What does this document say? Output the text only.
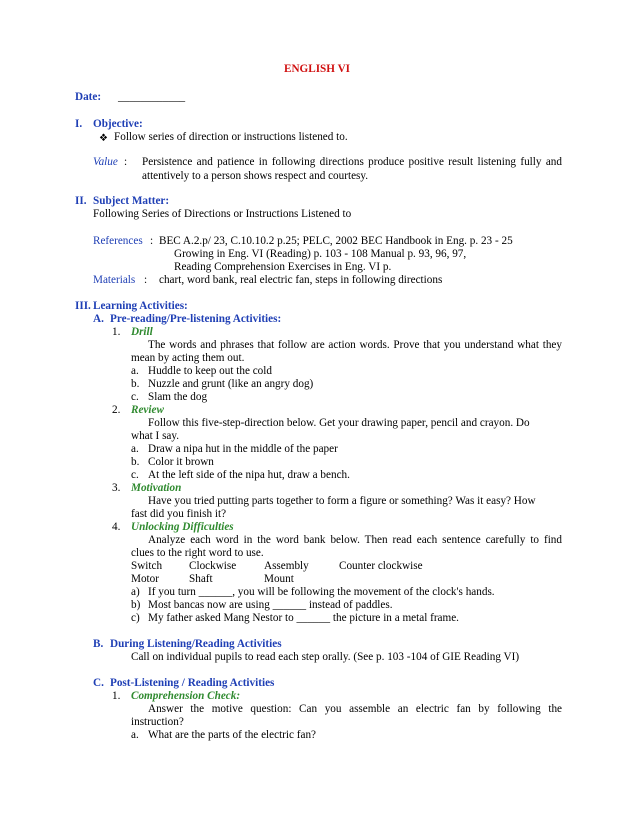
ENGLISH VI
Date: ____________
I. Objective:
❖ Follow series of direction or instructions listened to.
Value : Persistence and patience in following directions produce positive result listening fully and
attentively to a person shows respect and courtesy.
II. Subject Matter:
Following Series of Directions or Instructions Listened to
References : BEC A.2.p/ 23, C.10.10.2 p.25; PELC, 2002 BEC Handbook in Eng. p. 23 - 25
Growing in Eng. VI (Reading) p. 103 - 108 Manual p. 93, 96, 97,
Reading Comprehension Exercises in Eng. VI p.
Materials : chart, word bank, real electric fan, steps in following directions
III. Learning Activities:
A. Pre-reading/Pre-listening Activities:
1. Drill
The words and phrases that follow are action words. Prove that you understand what they
mean by acting them out.
a. Huddle to keep out the cold
b. Nuzzle and grunt (like an angry dog)
c. Slam the dog
2. Review
Follow this five-step-direction below. Get your drawing paper, pencil and crayon. Do
what I say.
a. Draw a nipa hut in the middle of the paper
b. Color it brown
c. At the left side of the nipa hut, draw a bench.
3. Motivation
Have you tried putting parts together to form a figure or something? Was it easy? How
fast did you finish it?
4. Unlocking Difficulties
Analyze each word in the word bank below. Then read each sentence carefully to find
clues to the right word to use.
Switch Clockwise Assembly	Counter clockwise
Motor	Shaft	Mount
a) If you turn ______, you will be following the movement of the clock's hands.
b) Most bancas now are using ______ instead of paddles.
c) My father asked Mang Nestor to ______ the picture in a metal frame.
B. During Listening/Reading Activities
Call on individual pupils to read each step orally. (See p. 103 -104 of GIE Reading VI)
C. Post-Listening / Reading Activities
1. Comprehension Check:
Answer the motive question: Can you assemble an electric fan by following the
instruction?
a. What are the parts of the electric fan?
